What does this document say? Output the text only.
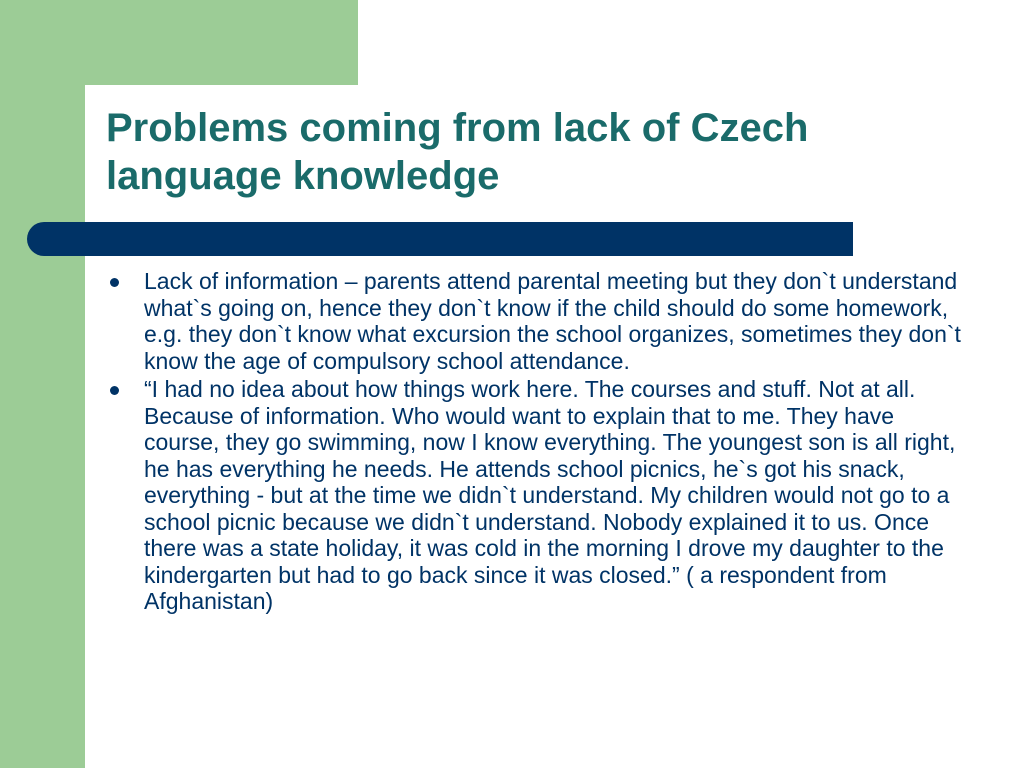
Problems coming from lack of Czech language knowledge
Lack of information – parents attend parental meeting but they don`t understand what`s going on, hence they don`t know if the child should do some homework, e.g. they don`t know what excursion the school organizes, sometimes they don`t know the age of compulsory school attendance.
“I had no idea about how things work here. The courses and stuff. Not at all. Because of information. Who would want to explain that to me. They have course, they go swimming, now I know everything. The youngest son is all right, he has everything he needs. He attends school picnics, he`s got his snack, everything - but at the time we didn`t understand. My children would not go to a school picnic because we didn`t understand. Nobody explained it to us. Once there was a state holiday, it was cold in the morning I drove my daughter to the kindergarten but had to go back since it was closed.” ( a respondent from Afghanistan)
